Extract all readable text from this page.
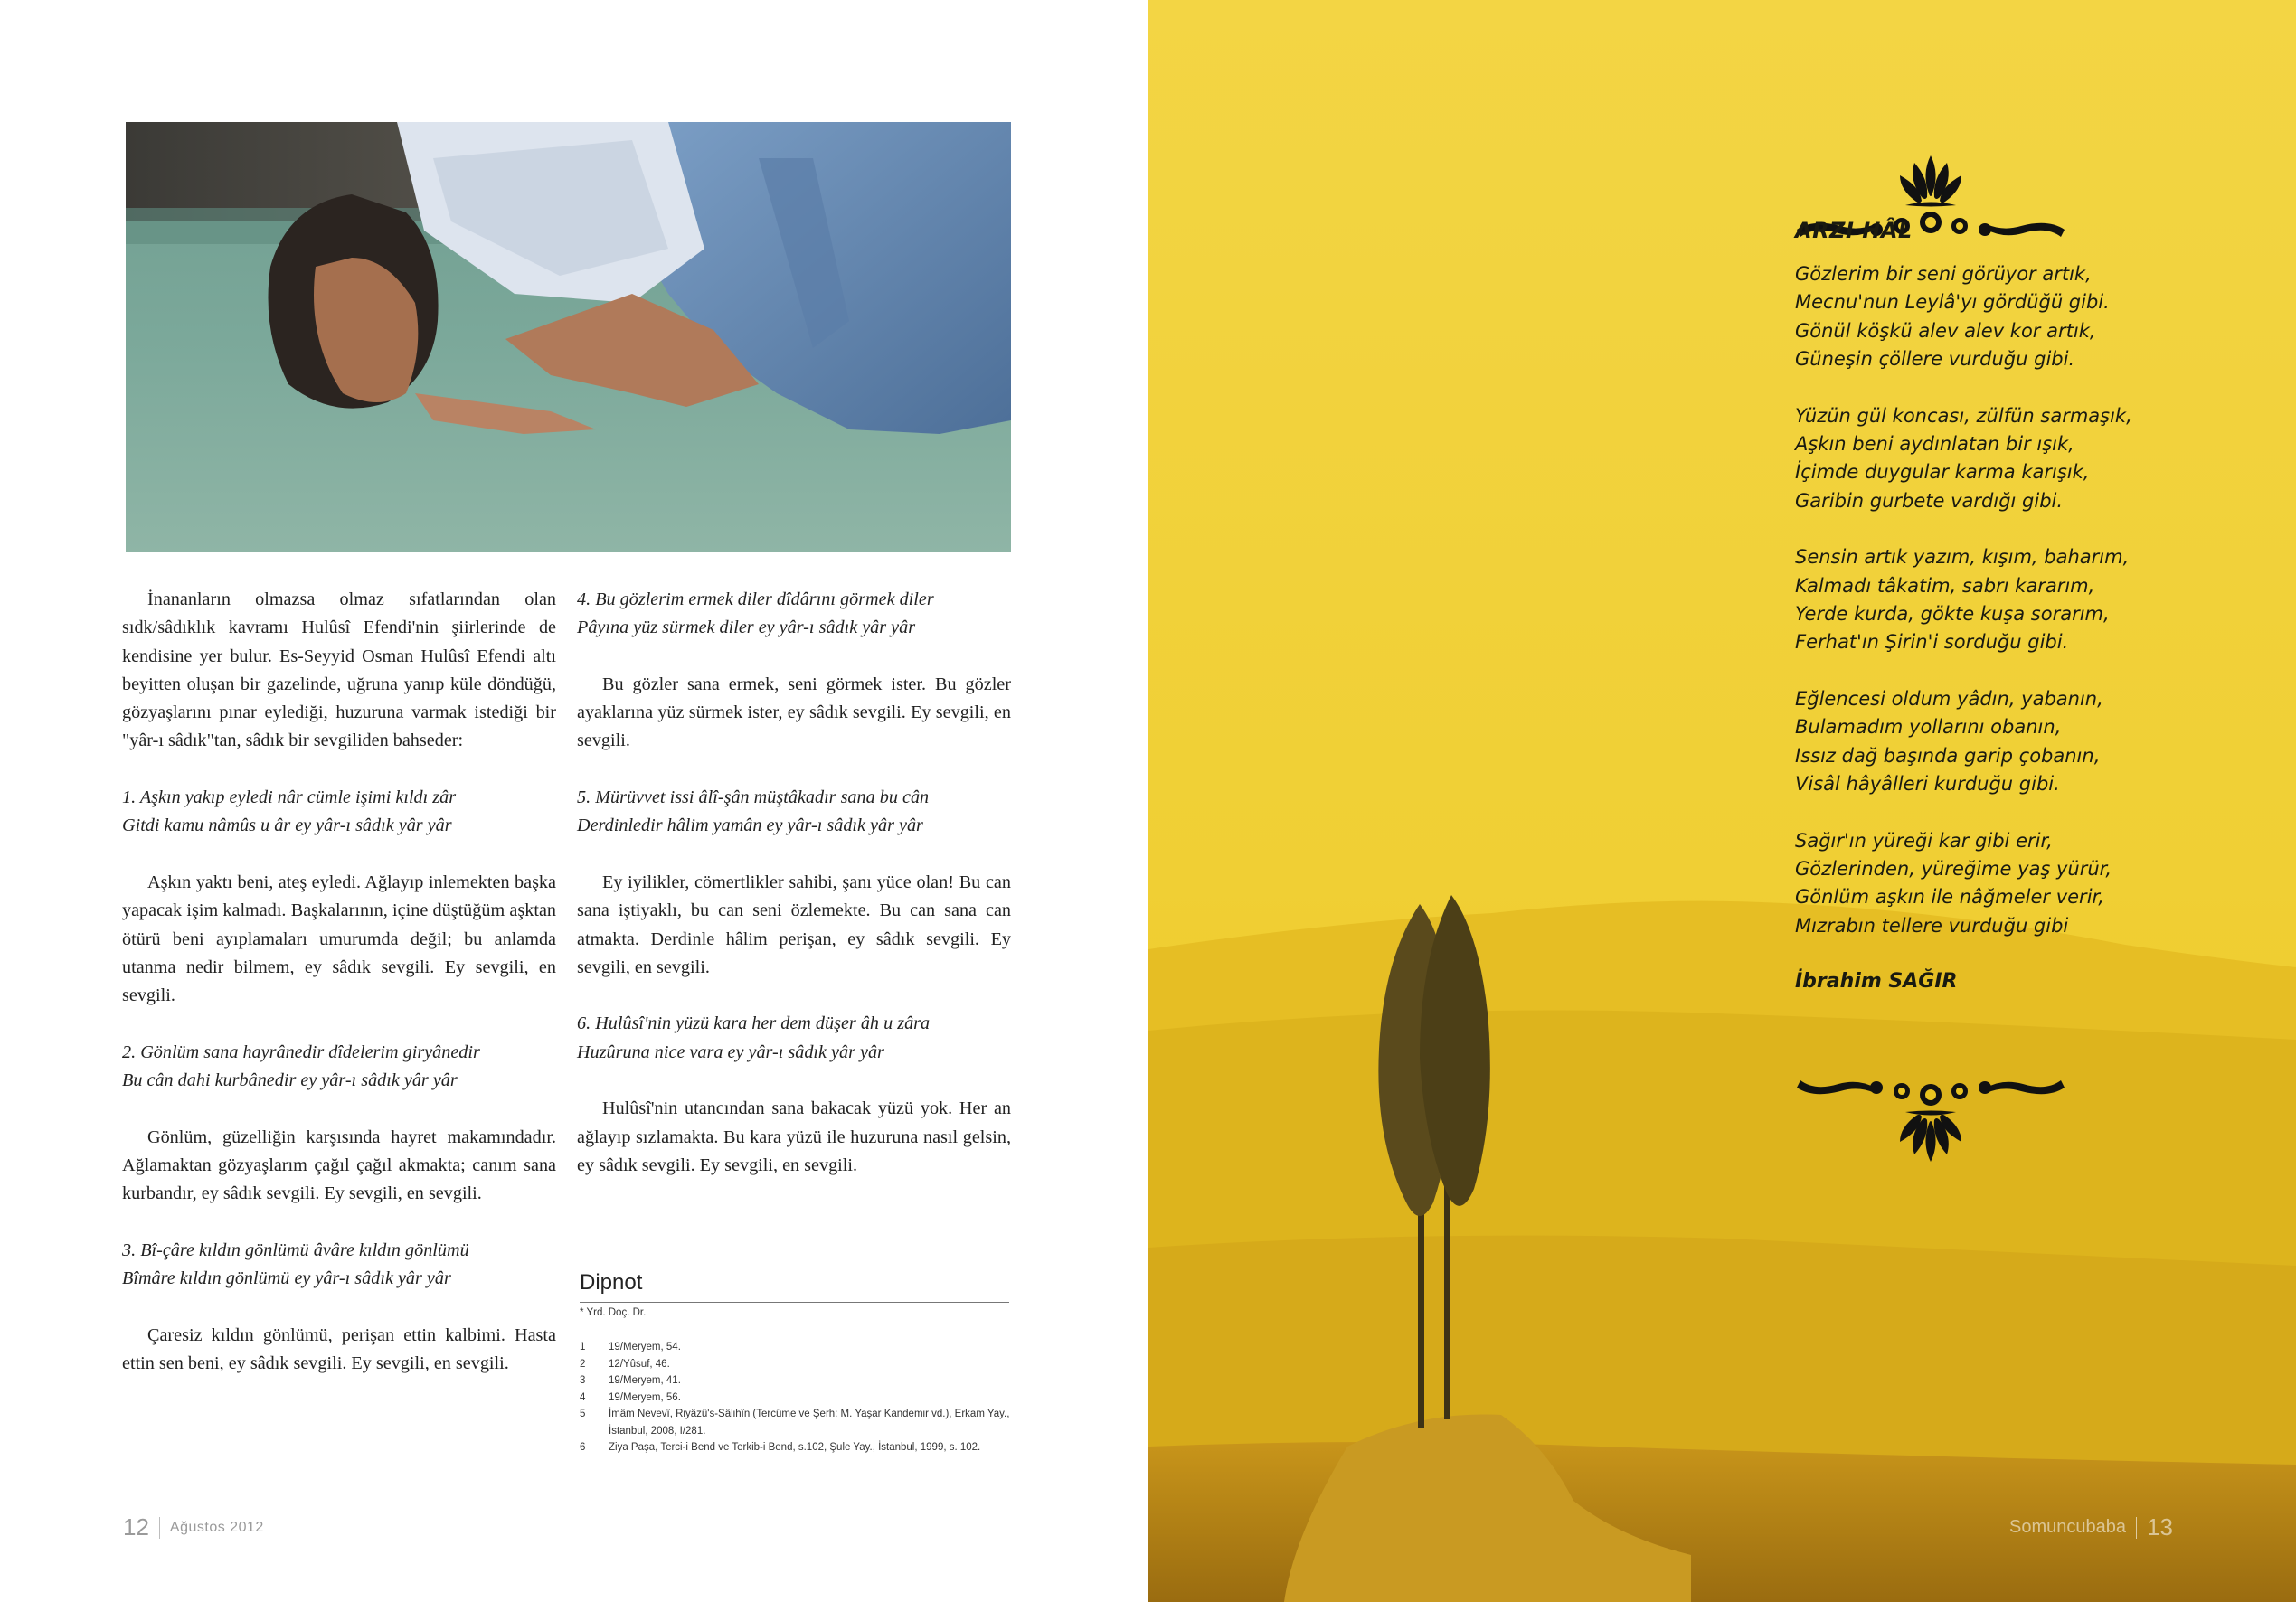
İnananların olmazsa olmaz sıfatlarından olan sıdk/sâdıklık kavramı Hulûsî Efendi'nin şiirlerinde de kendisine yer bulur. Es-Seyyid Osman Hulûsî Efendi altı beyitten oluşan bir gazelinde, uğruna yanıp küle döndüğü, gözyaşlarını pınar eylediği, huzuruna varmak istediği bir "yâr-ı sâdık"tan, sâdık bir sevgiliden bahseder:

1. Aşkın yakıp eyledi nâr cümle işimi kıldı zâr

Gitdi kamu nâmûs u âr ey yâr-ı sâdık yâr yâr

Aşkın yaktı beni, ateş eyledi. Ağlayıp inlemekten başka yapacak işim kalmadı. Başkalarının, içine düştüğüm aşktan ötürü beni ayıplamaları umurumda değil; bu anlamda utanma nedir bilmem, ey sâdık sevgili. Ey sevgili, en sevgili.

2. Gönlüm sana hayrânedir dîdelerim giryânedir

Bu cân dahi kurbânedir ey yâr-ı sâdık yâr yâr

Gönlüm, güzelliğin karşısında hayret makamındadır. Ağlamaktan gözyaşlarım çağıl çağıl akmakta; canım sana kurbandır, ey sâdık sevgili. Ey sevgili, en sevgili.

3. Bî-çâre kıldın gönlümü âvâre kıldın gönlümü

Bîmâre kıldın gönlümü ey yâr-ı sâdık yâr yâr

Çaresiz kıldın gönlümü, perişan ettin kalbimi. Hasta ettin sen beni, ey sâdık sevgili. Ey sevgili, en sevgili.

4. Bu gözlerim ermek diler dîdârını görmek diler

Pâyına yüz sürmek diler ey yâr-ı sâdık yâr yâr

Bu gözler sana ermek, seni görmek ister. Bu gözler ayaklarına yüz sürmek ister, ey sâdık sevgili. Ey sevgili, en sevgili.

5. Mürüvvet issi âlî-şân müştâkadır sana bu cân

Derdinledir hâlim yamân ey yâr-ı sâdık yâr yâr

Ey iyilikler, cömertlikler sahibi, şanı yüce olan! Bu can sana iştiyaklı, bu can seni özlemekte. Bu can sana can atmakta. Derdinle hâlim perişan, ey sâdık sevgili. Ey sevgili, en sevgili.

6. Hulûsî'nin yüzü kara her dem düşer âh u zâra

Huzûruna nice vara ey yâr-ı sâdık yâr yâr

Hulûsî'nin utancından sana bakacak yüzü yok. Her an ağlayıp sızlamakta. Bu kara yüzü ile huzuruna nasıl gelsin, ey sâdık sevgili. Ey sevgili, en sevgili.

Dipnot
* Yrd. Doç. Dr.
1	19/Meryem, 54.
2	12/Yûsuf, 46.
3	19/Meryem, 41.
4	19/Meryem, 56.
5	İmâm Nevevî, Riyâzü's-Sâlihîn (Tercüme ve Şerh: M. Yaşar Kandemir vd.), Erkam Yay., İstanbul, 2008, I/281.
6	Ziya Paşa, Terci-i Bend ve Terkib-i Bend, s.102, Şule Yay., İstanbul, 1999, s. 102.
12 Ağustos 2012
ARZI HÂL
Gözlerim bir seni görüyor artık,
Mecnu'nun Leylâ'yı gördüğü gibi.
Gönül köşkü alev alev kor artık,
Güneşin çöllere vurduğu gibi.
Yüzün gül koncası, zülfün sarmaşık,
Aşkın beni aydınlatan bir ışık,
İçimde duygular karma karışık,
Garibin gurbete vardığı gibi.
Sensin artık yazım, kışım, baharım,
Kalmadı tâkatim, sabrı kararım,
Yerde kurda, gökte kuşa sorarım,
Ferhat'ın Şirin'i sorduğu gibi.
Eğlencesi oldum yâdın, yabanın,
Bulamadım yollarını obanın,
Issız dağ başında garip çobanın,
Visâl hâyâlleri kurduğu gibi.
Sağır'ın yüreği kar gibi erir,
Gözlerinden, yüreğime yaş yürür,
Gönlüm aşkın ile nâğmeler verir,
Mızrabın tellere vurduğu gibi
İbrahim SAĞIR
Somuncubaba 13
